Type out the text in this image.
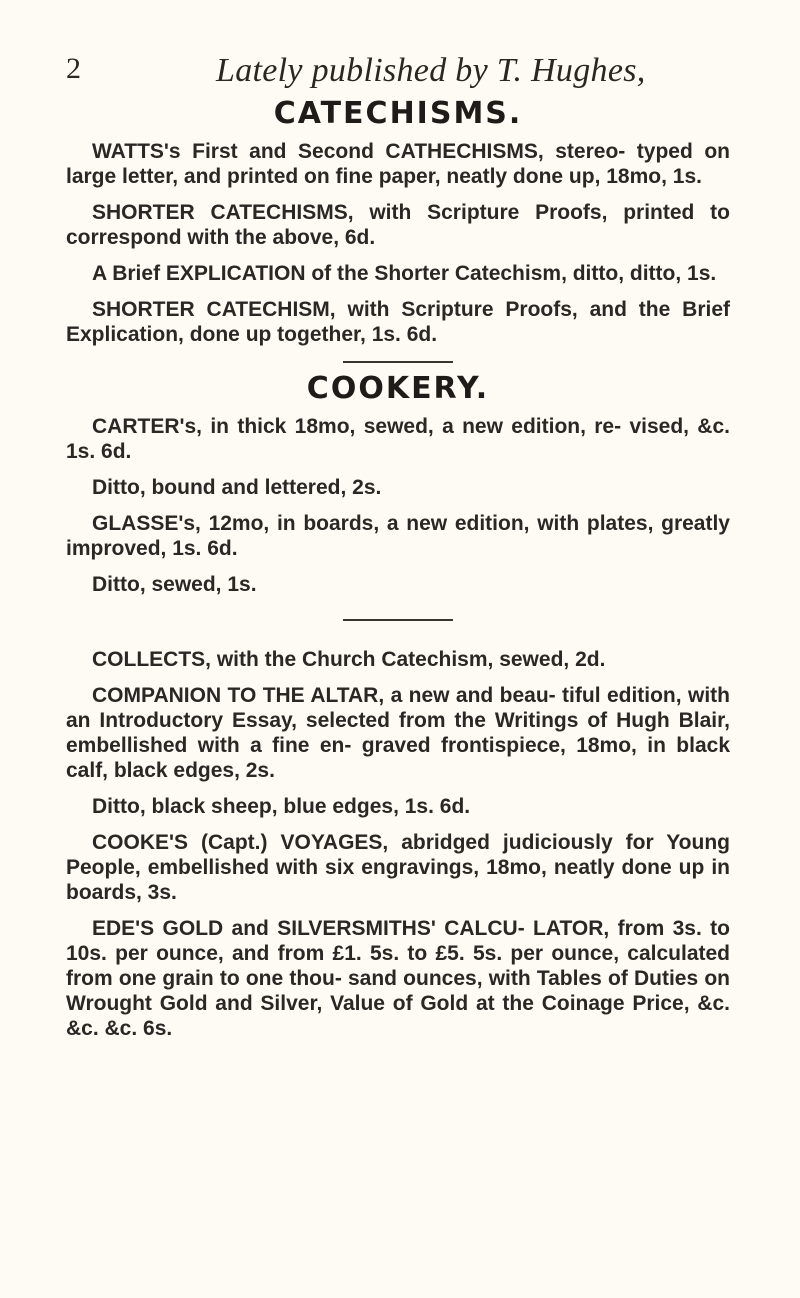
2	Lately published by T. Hughes,
CATECHISMS.

WATTS's First and Second CATHECHISMS, stereo- typed on large letter, and printed on fine paper, neatly done up, 18mo, 1s.

SHORTER CATECHISMS, with Scripture Proofs, printed to correspond with the above, 6d.

A Brief EXPLICATION of the Shorter Catechism, ditto, ditto, 1s.

SHORTER CATECHISM, with Scripture Proofs, and the Brief Explication, done up together, 1s. 6d.

COOKERY.

CARTER's, in thick 18mo, sewed, a new edition, re- vised, &c. 1s. 6d.

Ditto, bound and lettered, 2s.

GLASSE's, 12mo, in boards, a new edition, with plates, greatly improved, 1s. 6d.

Ditto, sewed, 1s.

COLLECTS, with the Church Catechism, sewed, 2d.

COMPANION TO THE ALTAR, a new and beau- tiful edition, with an Introductory Essay, selected from the Writings of Hugh Blair, embellished with a fine en- graved frontispiece, 18mo, in black calf, black edges, 2s.

Ditto, black sheep, blue edges, 1s. 6d.

COOKE'S (Capt.) VOYAGES, abridged judiciously for Young People, embellished with six engravings, 18mo, neatly done up in boards, 3s.

EDE'S GOLD and SILVERSMITHS' CALCU- LATOR, from 3s. to 10s. per ounce, and from £1. 5s. to £5. 5s. per ounce, calculated from one grain to one thou- sand ounces, with Tables of Duties on Wrought Gold and Silver, Value of Gold at the Coinage Price, &c. &c. &c. 6s.
